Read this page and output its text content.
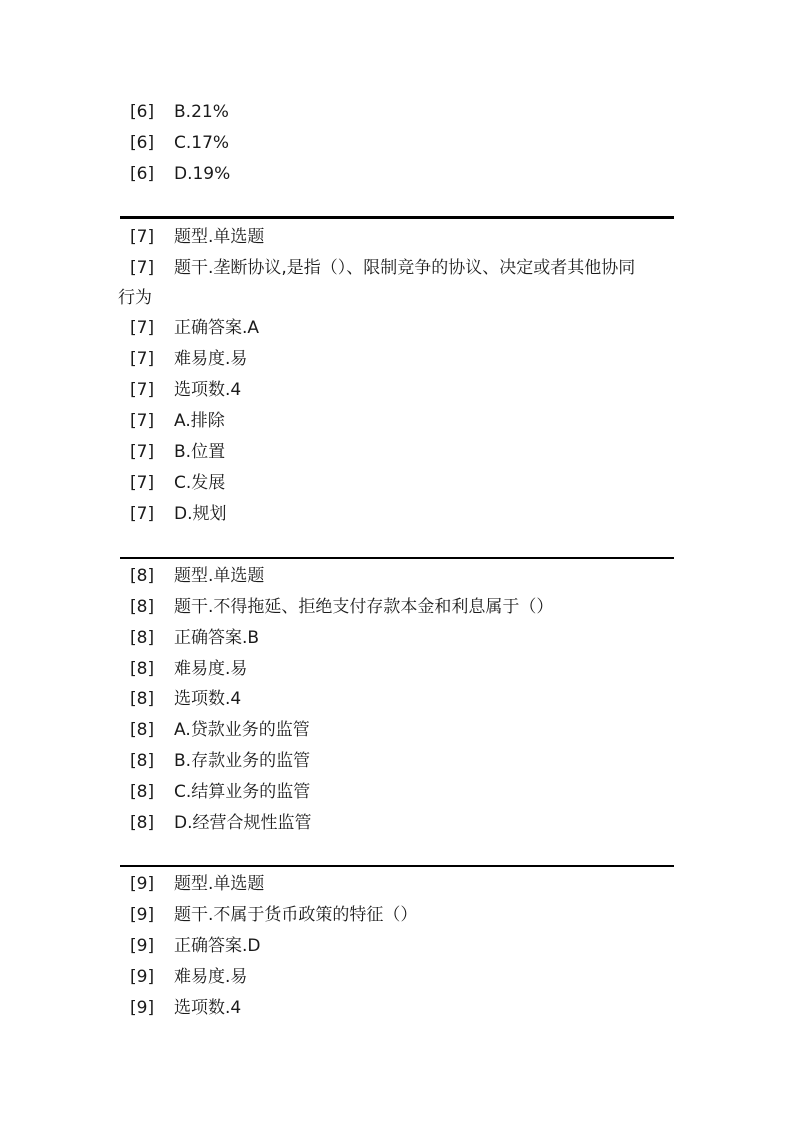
[6] B.21%
[6] C.17%
[6] D.19%
[7] 题型.单选题
[7] 题干.垄断协议,是指（）、限制竞争的协议、决定或者其他协同
行为
[7] 正确答案.A
[7] 难易度.易
[7] 选项数.4
[7] A.排除
[7] B.位置
[7] C.发展
[7] D.规划
[8] 题型.单选题
[8] 题干.不得拖延、拒绝支付存款本金和利息属于（）
[8] 正确答案.B
[8] 难易度.易
[8] 选项数.4
[8] A.贷款业务的监管
[8] B.存款业务的监管
[8] C.结算业务的监管
[8] D.经营合规性监管
[9] 题型.单选题
[9] 题干.不属于货币政策的特征（）
[9] 正确答案.D
[9] 难易度.易
[9] 选项数.4
